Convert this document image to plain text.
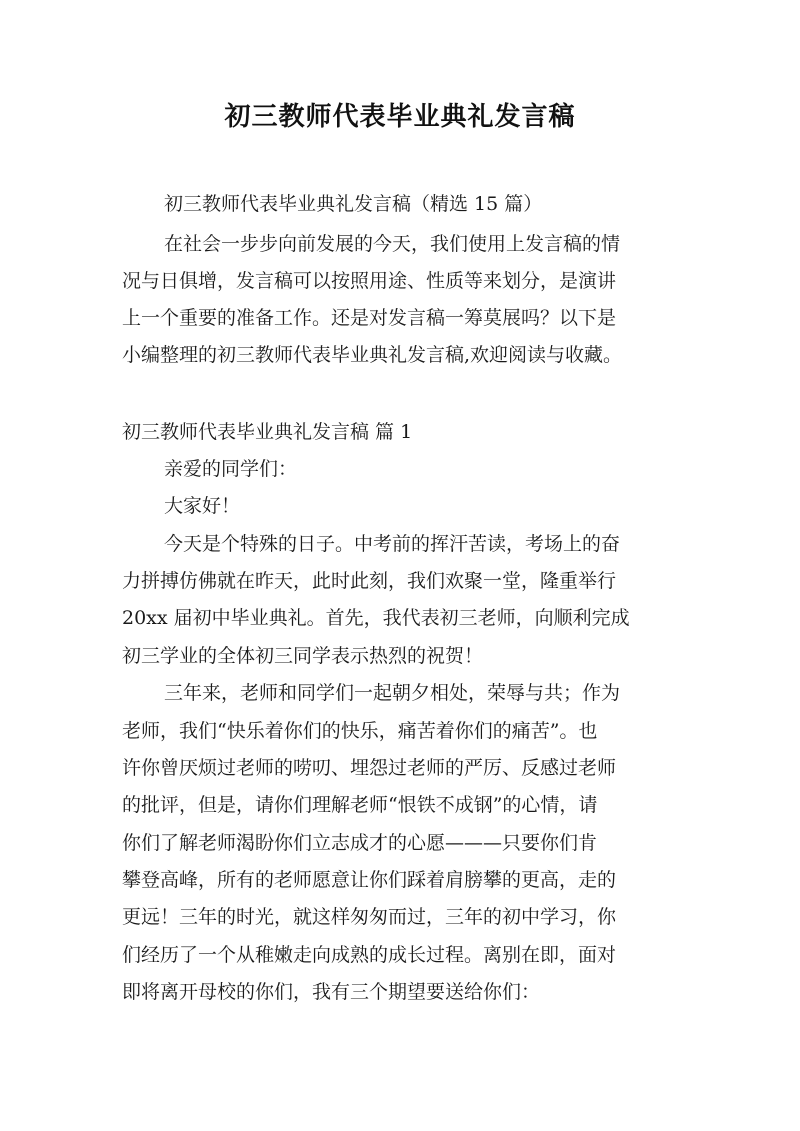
初三教师代表毕业典礼发言稿
初三教师代表毕业典礼发言稿（精选 15 篇）
在社会一步步向前发展的今天，我们使用上发言稿的情
况与日俱增，发言稿可以按照用途、性质等来划分，是演讲
上一个重要的准备工作。还是对发言稿一筹莫展吗？以下是
小编整理的初三教师代表毕业典礼发言稿,欢迎阅读与收藏。
初三教师代表毕业典礼发言稿 篇 1
亲爱的同学们：
大家好！
今天是个特殊的日子。中考前的挥汗苦读，考场上的奋
力拼搏仿佛就在昨天，此时此刻，我们欢聚一堂，隆重举行
20xx 届初中毕业典礼。首先，我代表初三老师，向顺利完成
初三学业的全体初三同学表示热烈的祝贺！
三年来，老师和同学们一起朝夕相处，荣辱与共；作为
老师，我们“快乐着你们的快乐，痛苦着你们的痛苦”。也
许你曾厌烦过老师的唠叨、埋怨过老师的严厉、反感过老师
的批评，但是，请你们理解老师“恨铁不成钢”的心情，请
你们了解老师渴盼你们立志成才的心愿———只要你们肯
攀登高峰，所有的老师愿意让你们踩着肩膀攀的更高，走的
更远！三年的时光，就这样匆匆而过，三年的初中学习，你
们经历了一个从稚嫩走向成熟的成长过程。离别在即，面对
即将离开母校的你们，我有三个期望要送给你们：
